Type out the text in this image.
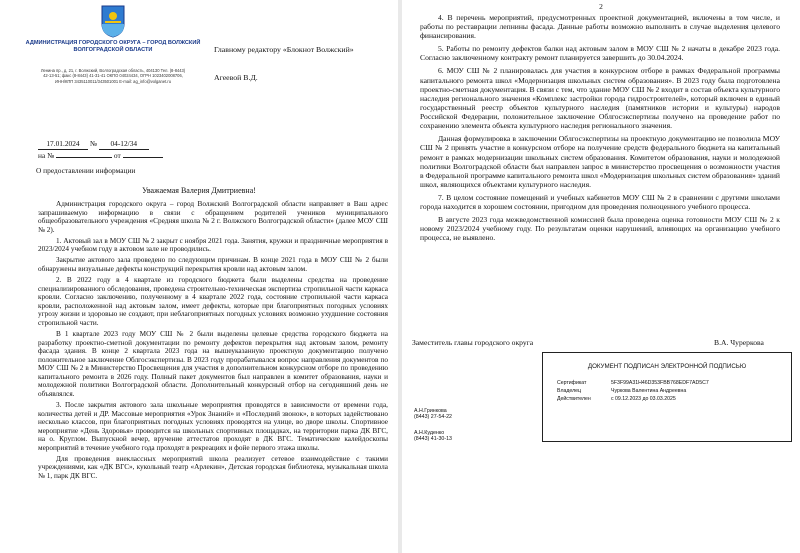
АДМИНИСТРАЦИЯ ГОРОДСКОГО ОКРУГА – ГОРОД ВОЛЖСКИЙ ВОЛГОГРАДСКОЙ ОБЛАСТИ
Ленина пр., д. 21, г. Волжский, Волгоградская область, 404130 Тел. (8-8443) 42-13-51; факс (8-8443) 41-31-41 ОКПО 04024434, ОГРН 1023402008706, ИНН/КПП 3435110011/343501001 E-mail: ag_info@volganet.ru
Главному редактору «Блокнот Волжский»
Агеевой В.Д.
17.01.2024 № 04-12/34
на №	от
О предоставлении информации
Уважаемая Валерия Дмитриевна!

Администрация городского округа – город Волжский Волгоградской области направляет в Ваш адрес запрашиваемую информацию в связи с обращением родителей учеников муниципального общеобразовательного учреждения «Средняя школа № 2 г. Волжского Волгоградской области» (далее МОУ СШ № 2).

1. Актовый зал в МОУ СШ № 2 закрыт с ноября 2021 года. Занятия, кружки и праздничные мероприятия в 2023/2024 учебном году в актовом зале не проводились.

Закрытие актового зала проведено по следующим причинам. В конце 2021 года в МОУ СШ № 2 были обнаружены визуальные дефекты конструкций перекрытия кровли над актовым залом.

2. В 2022 году в 4 квартале из городского бюджета были выделены средства на проведение специализированного обследования, проведена строительно-техническая экспертиза стропильной части каркаса кровли. Согласно заключению, полученному в 4 квартале 2022 года, состояние стропильной части каркаса кровли, расположенной над актовым залом, имеет дефекты, которые при благоприятных погодных условиях угрозу жизни и здоровью не создают, при неблагоприятных погодных условиях возможно ухудшение состояния стропильной части.

В 1 квартале 2023 году МОУ СШ № 2 были выделены целевые средства городского бюджета на разработку проектно-сметной документации по ремонту дефектов перекрытия над актовым залом, ремонту фасада здания. В конце 2 квартала 2023 года на вышеуказанную проектную документацию получено положительное заключение Облгосэкспертизы. В 2023 году прорабатывался вопрос направления документов по МОУ СШ № 2 в Министерство Просвещения для участия в дополнительном конкурсном отборе по проведению капитального ремонта в 2026 году. Полный пакет документов был направлен в комитет образования, науки и молодежной политики Волгоградской области. Дополнительный конкурсный отбор на сегодняшний день не объявлялся.

3. После закрытия актового зала школьные мероприятия проводятся в зависимости от времени года, количества детей и ДР. Массовые мероприятия «Урок Знаний» и «Последний звонок», в которых задействовано несколько классов, при благоприятных погодных условиях проводятся на улице, во дворе школы. Спортивное мероприятие «День Здоровья» проводится на школьных спортивных площадках, на территории парка ДК ВГС, на о. Круглом. Выпускной вечер, вручение аттестатов проходят в ДК ВГС. Тематические калейдоскопы мероприятий в течение учебного года проходят в рекреациях и фойе первого этажа школы.

Для проведения внеклассных мероприятий школа реализует сетевое взаимодействие с такими учреждениями, как «ДК ВГС», кукольный театр «Арлекин», Детская городская библиотека, музыкальная школа № 1, парк ДК ВГС.

2

4. В перечень мероприятий, предусмотренных проектной документацией, включены в том числе, и работы по реставрации лепнины фасада. Данные работы возможно выполнить в случае выделения целевого финансирования.

5. Работы по ремонту дефектов балки над актовым залом в МОУ СШ № 2 начаты в декабре 2023 года. Согласно заключенному контракту ремонт планируется завершить до 30.04.2024.

6. МОУ СШ № 2 планировалась для участия в конкурсном отборе в рамках Федеральной программы капитального ремонта школ «Модернизация школьных систем образования». В 2023 году была подготовлена проектно-сметная документация. В связи с тем, что здание МОУ СШ № 2 входит в состав объекта культурного наследия регионального значения «Комплекс застройки города гидростроителей», который включен в единый государственный реестр объектов культурного наследия (памятников истории и культуры) народов Российской Федерации, положительное заключение Облгосэкспертизы получено на проведение работ по сохранению элемента объекта культурного наследия регионального значения.

Данная формулировка в заключении Облгосэкспертизы на проектную документацию не позволила МОУ СШ № 2 принять участие в конкурсном отборе на получение средств федерального бюджета на капитальный ремонт в рамках модернизации школьных систем образования. Комитетом образования, науки и молодежной политики Волгоградской области был направлен запрос в министерство просвещения о возможности участия в Федеральной программе капитального ремонта школ «Модернизация школьных систем образования» зданий школ, являющихся объектами культурного наследия.

7. В целом состояние помещений и учебных кабинетов МОУ СШ № 2 в сравнении с другими школами города находится в хорошем состоянии, пригодном для проведения полноценного учебного процесса.

В августе 2023 года межведомственной комиссией была проведена оценка готовности МОУ СШ № 2 к новому 2023/2024 учебному году. По результатам оценки нарушений, влияющих на организацию учебного процесса, не выявлено.

Заместитель главы городского округа	В.А. Чуреркова
А.Н.Гринкова
(8443) 27-54-22
А.Н.Куденко
(8443) 41-30-13
ДОКУМЕНТ ПОДПИСАН ЭЛЕКТРОННОЙ ПОДПИСЬЮ
Сертификат	5F3F99A31H46D353FBB768EDF7AD5C7
Владелец	Чуркова Валентина Андреевна
Действителен	с 09.12.2023 до 03.03.2025
